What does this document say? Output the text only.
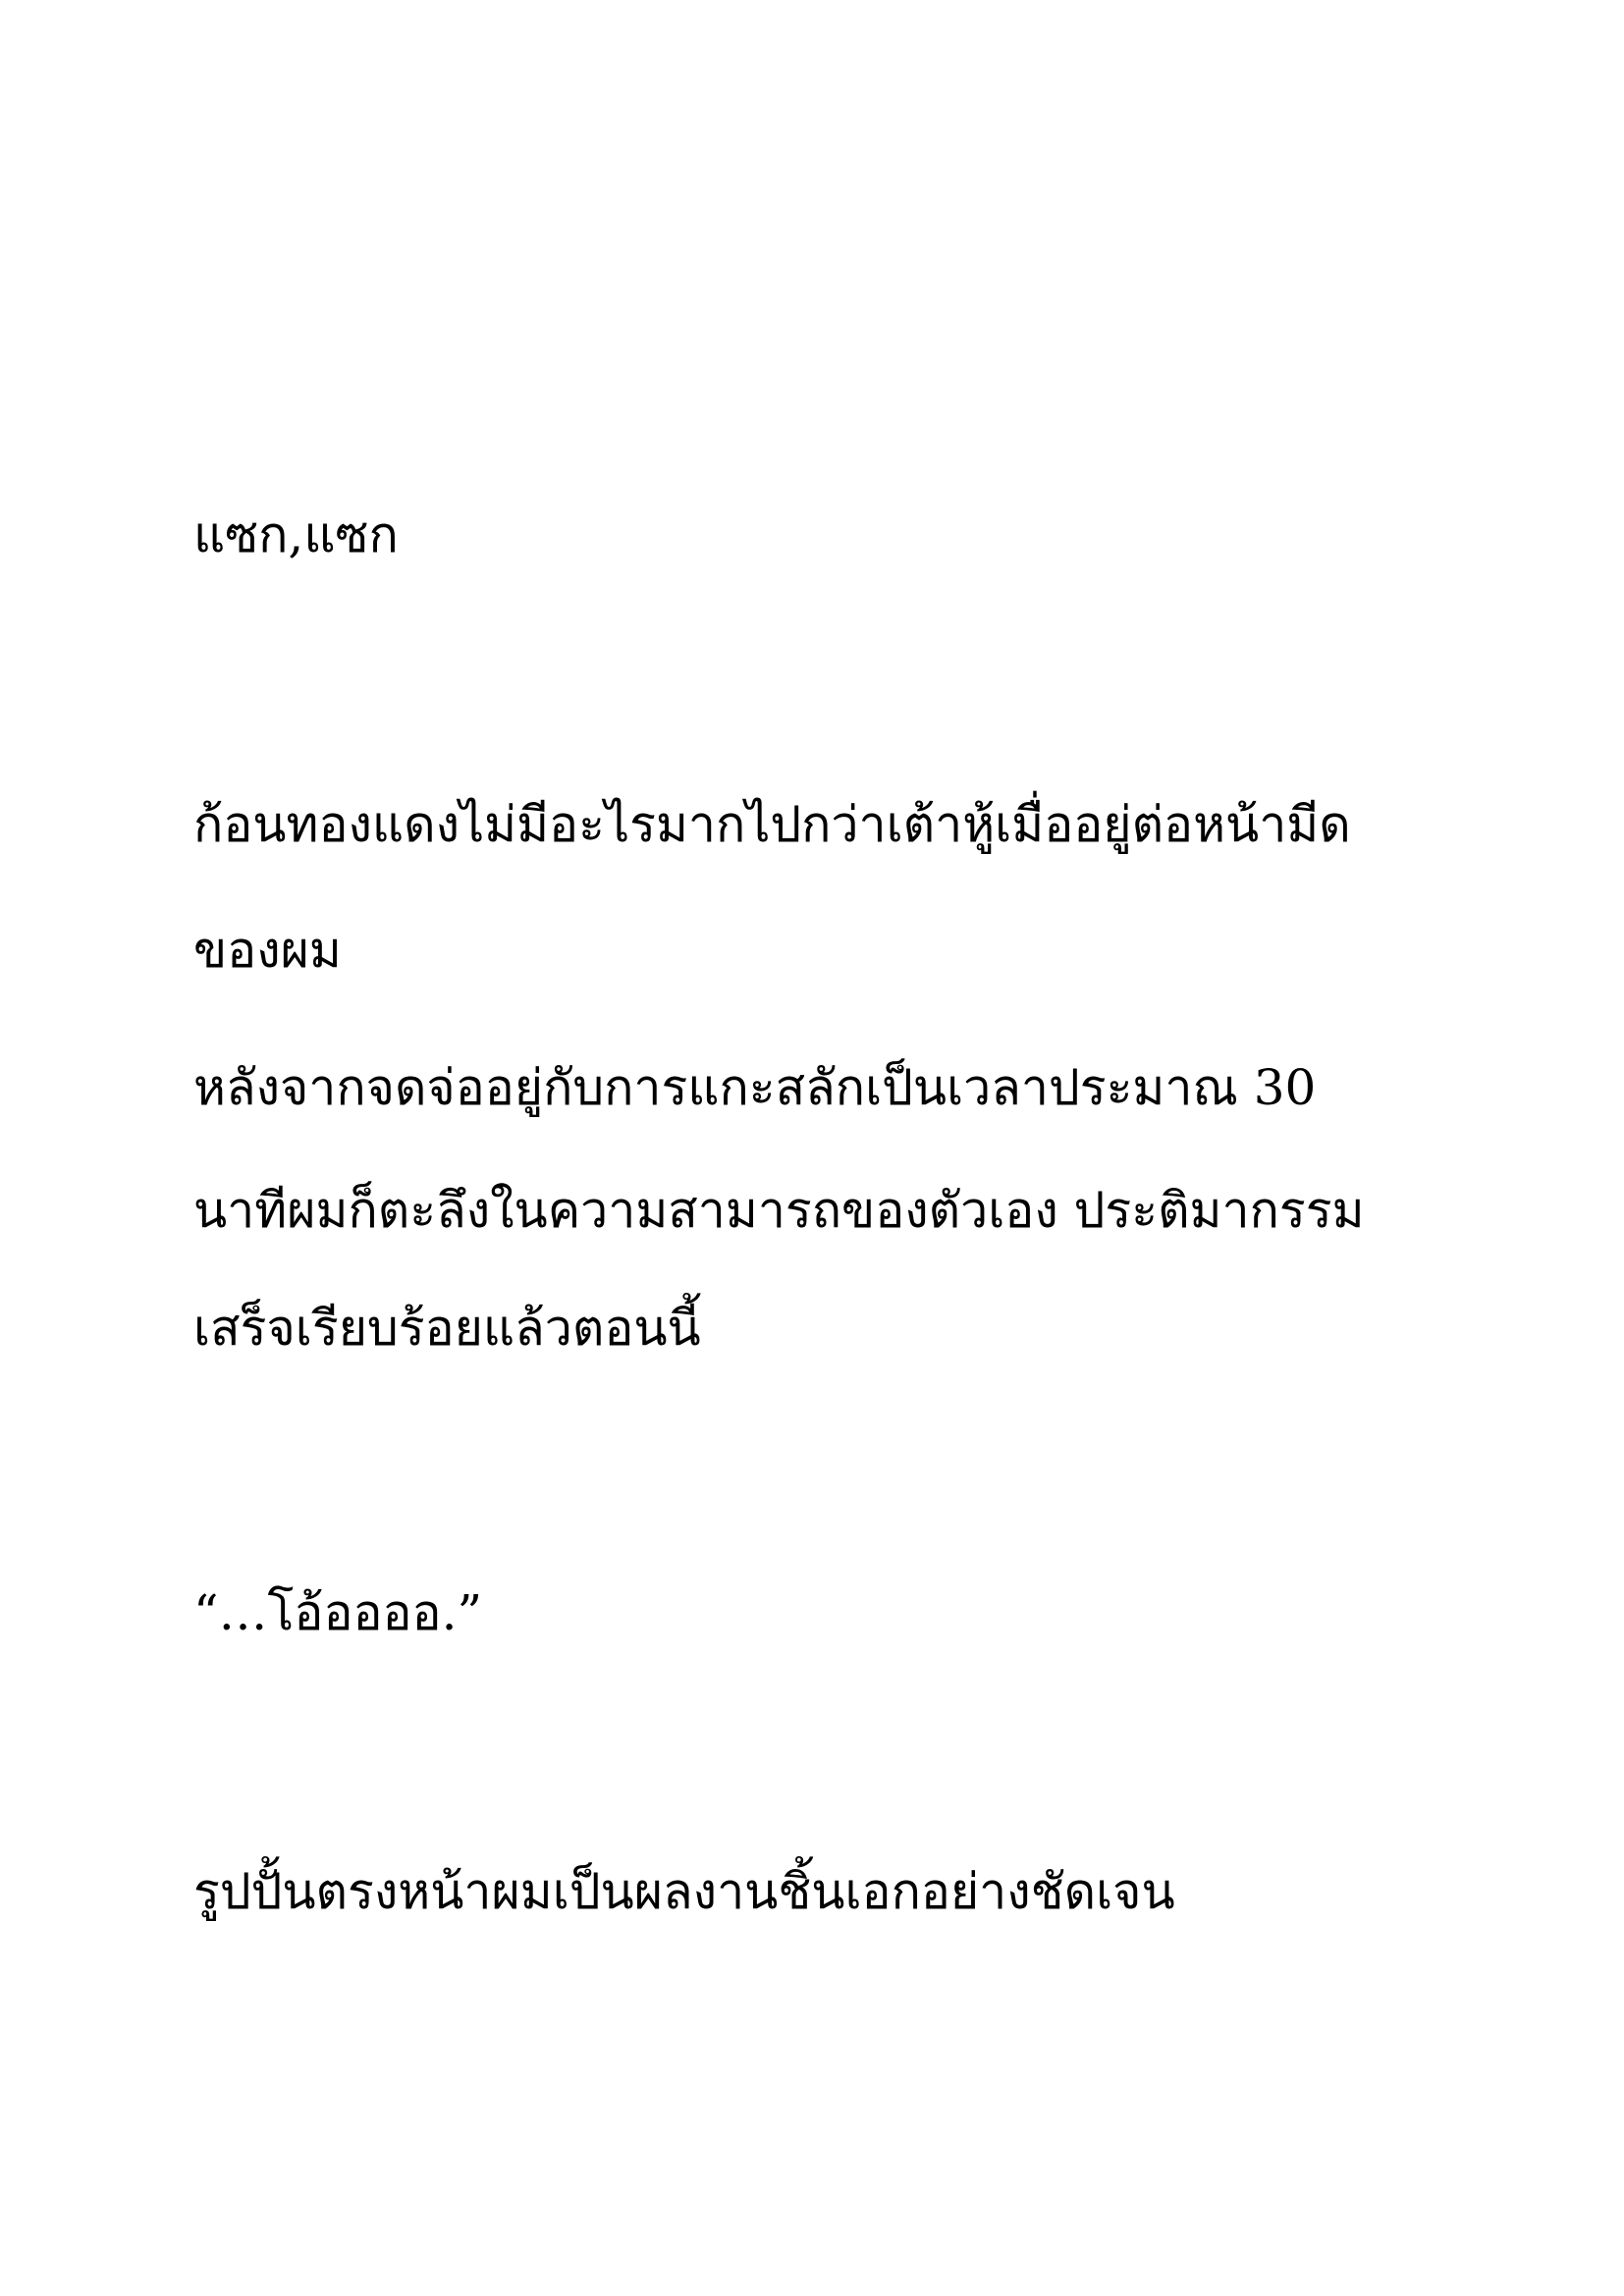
แซก,แซก

ก้อนทองแดงไม่มีอะไรมากไปกว่าเต้าหู้เมื่ออยู่ต่อหน้ามีด

ของผม

หลังจากจดจ่ออยู่กับการแกะสลักเป็นเวลาประมาณ 30

นาทีผมก็ตะลึงในความสามารถของตัวเอง ประติมากรรม

เสร็จเรียบร้อยแล้วตอนนี้

“…โอ้ออออ.”

รูปปั้นตรงหน้าผมเป็นผลงานชิ้นเอกอย่างชัดเจน
